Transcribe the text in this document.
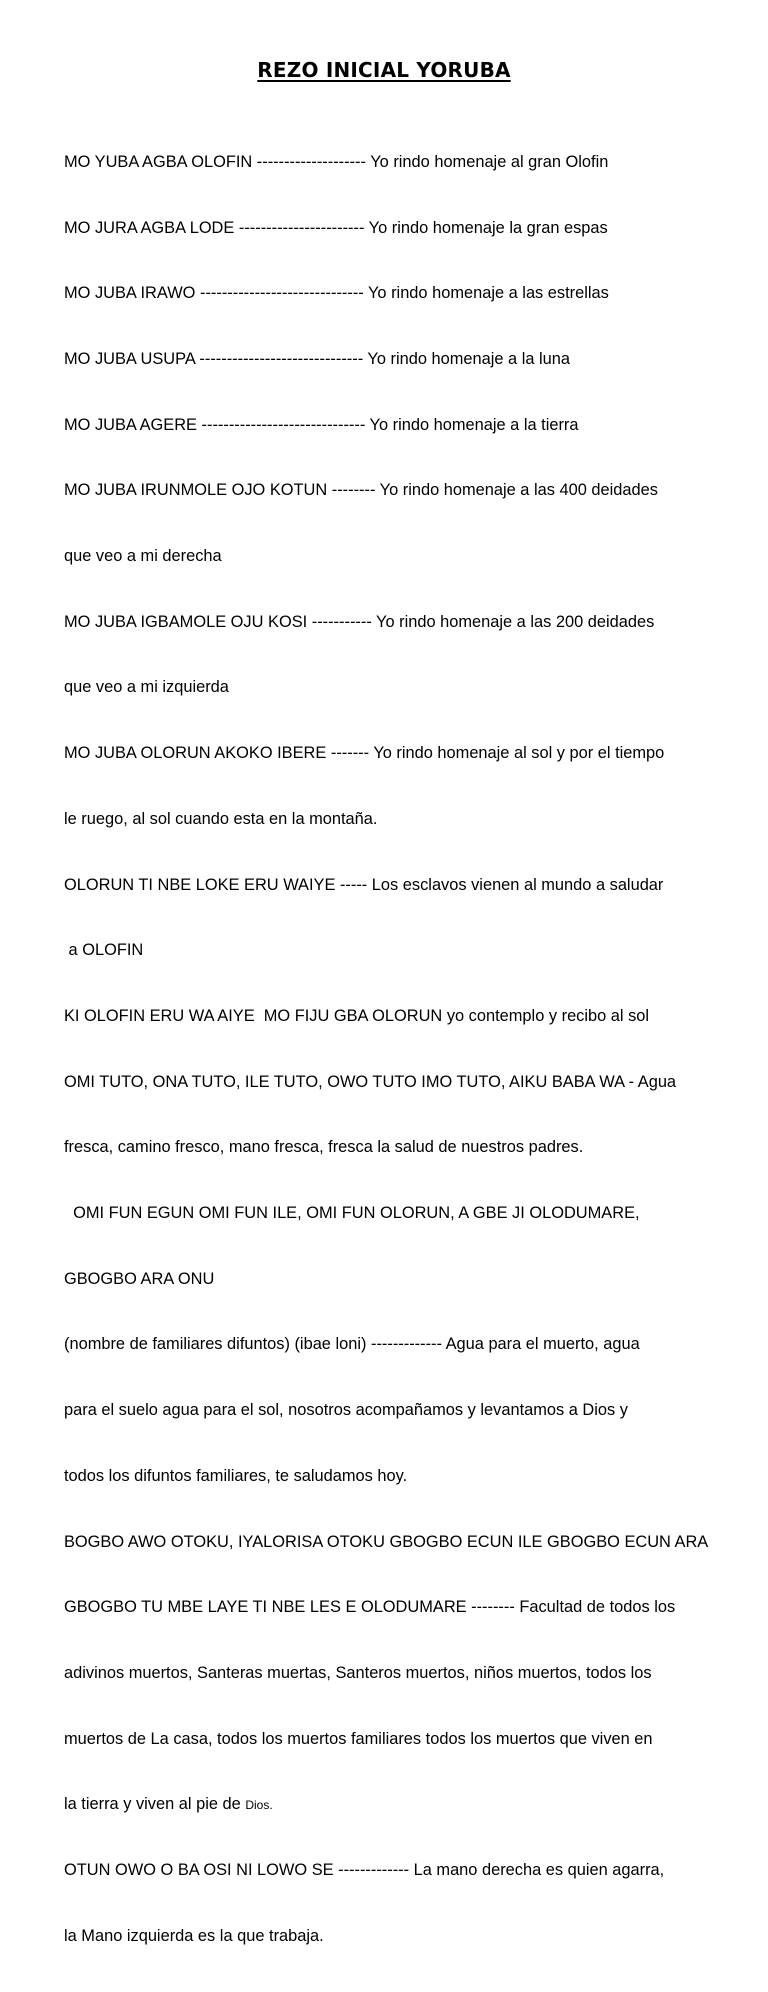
REZO INICIAL YORUBA

MO YUBA AGBA OLOFIN -------------------- Yo rindo homenaje al gran Olofin

MO JURA AGBA LODE ----------------------- Yo rindo homenaje la gran espas

MO JUBA IRAWO ------------------------------ Yo rindo homenaje a las estrellas

MO JUBA USUPA ------------------------------ Yo rindo homenaje a la luna

MO JUBA AGERE ------------------------------ Yo rindo homenaje a la tierra

MO JUBA IRUNMOLE OJO KOTUN -------- Yo rindo homenaje a las 400 deidades

que veo a mi derecha

MO JUBA IGBAMOLE OJU KOSI ----------- Yo rindo homenaje a las 200 deidades

que veo a mi izquierda

MO JUBA OLORUN AKOKO IBERE ------- Yo rindo homenaje al sol y por el tiempo

le ruego, al sol cuando esta en la montaña.

OLORUN TI NBE LOKE ERU WAIYE ----- Los esclavos vienen al mundo a saludar

a OLOFIN

KI OLOFIN ERU WA AIYE  MO FIJU GBA OLORUN yo contemplo y recibo al sol

OMI TUTO, ONA TUTO, ILE TUTO, OWO TUTO IMO TUTO, AIKU BABA WA - Agua

fresca, camino fresco, mano fresca, fresca la salud de nuestros padres.

OMI FUN EGUN OMI FUN ILE, OMI FUN OLORUN, A GBE JI OLODUMARE,

GBOGBO ARA ONU

(nombre de familiares difuntos) (ibae loni) ------------- Agua para el muerto, agua

para el suelo agua para el sol, nosotros acompañamos y levantamos a Dios y

todos los difuntos familiares, te saludamos hoy.

BOGBO AWO OTOKU, IYALORISA OTOKU GBOGBO ECUN ILE GBOGBO ECUN ARA

GBOGBO TU MBE LAYE TI NBE LES E OLODUMARE -------- Facultad de todos los

adivinos muertos, Santeras muertas, Santeros muertos, niños muertos, todos los

muertos de La casa, todos los muertos familiares todos los muertos que viven en

la tierra y viven al pie de Dios.

OTUN OWO O BA OSI NI LOWO SE ------------- La mano derecha es quien agarra,

la Mano izquierda es la que trabaja.
